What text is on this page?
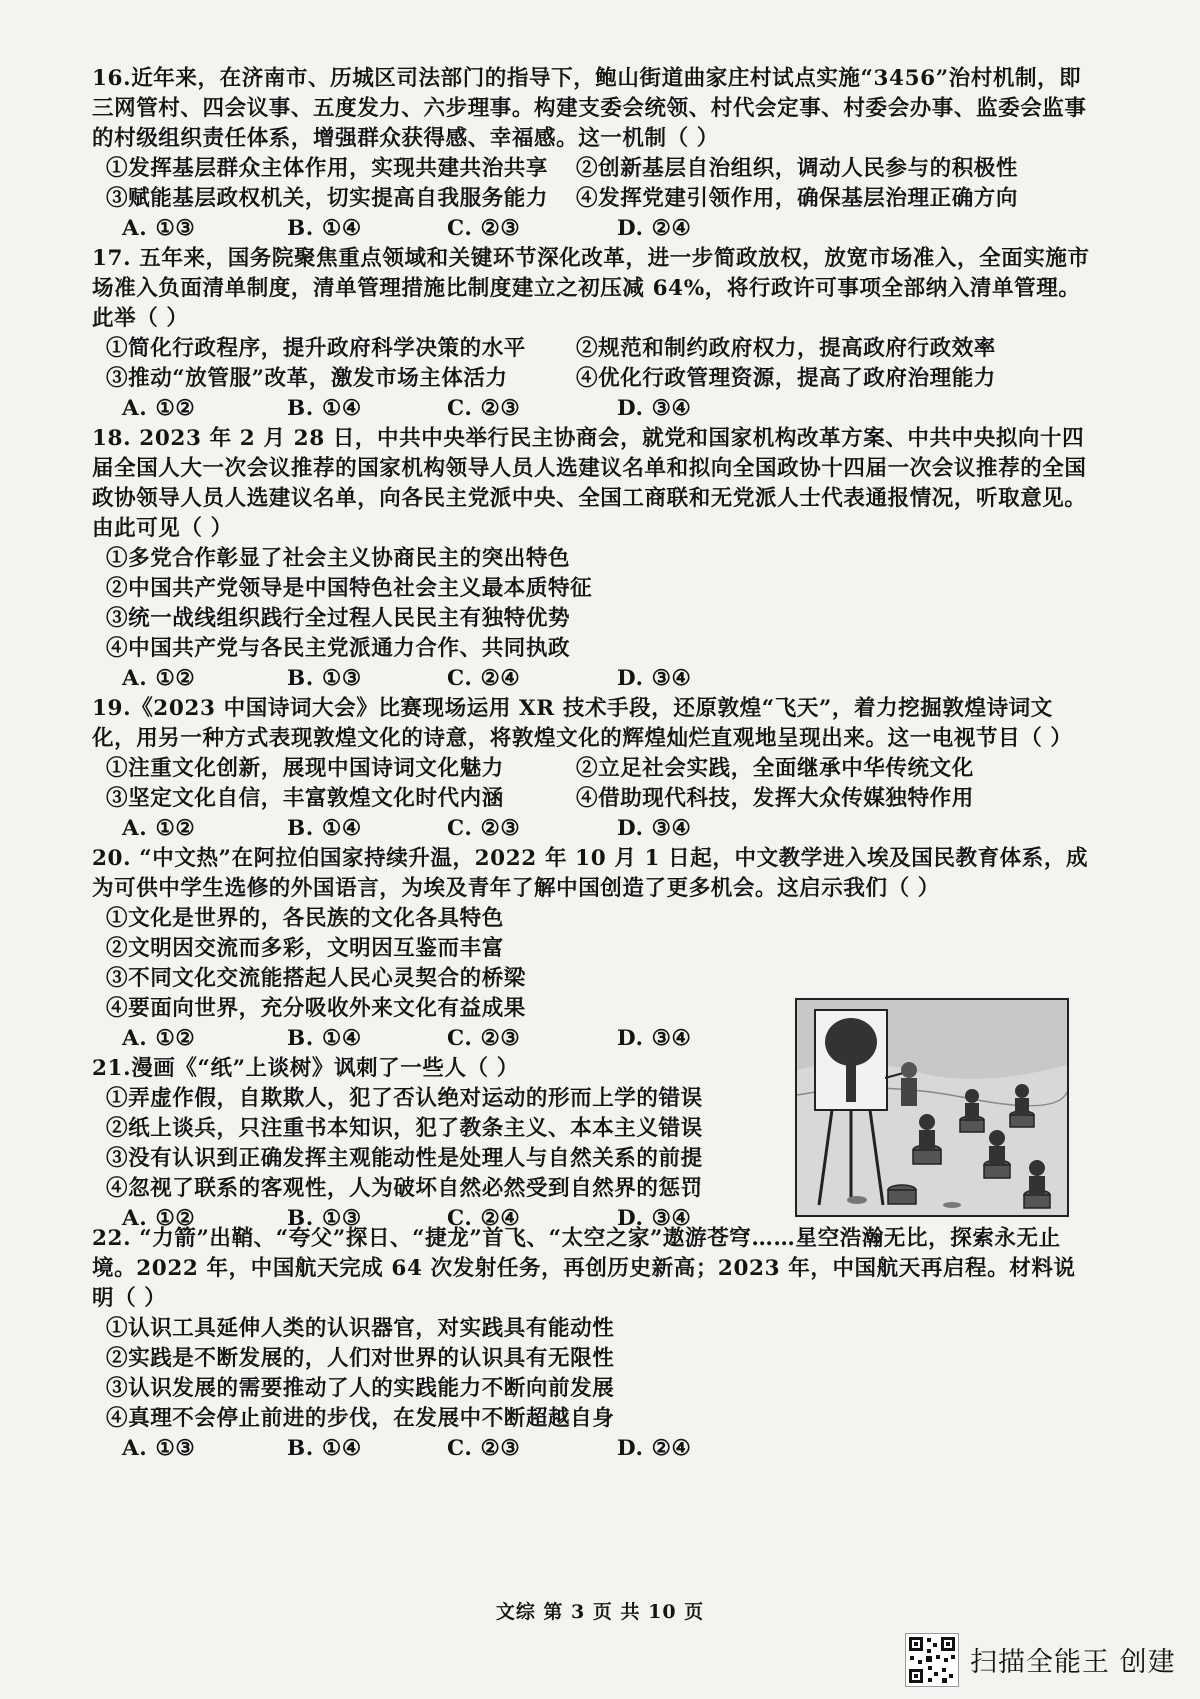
16.近年来，在济南市、历城区司法部门的指导下，鲍山街道曲家庄村试点实施“3456”治村机制，即三网管村、四会议事、五度发力、六步理事。构建支委会统领、村代会定事、村委会办事、监委会监事的村级组织责任体系，增强群众获得感、幸福感。这一机制（ ）
①发挥基层群众主体作用，实现共建共治共享	②创新基层自治组织，调动人民参与的积极性
③赋能基层政权机关，切实提高自我服务能力	④发挥党建引领作用，确保基层治理正确方向
A. ①③	B. ①④	C. ②③	D. ②④
17. 五年来，国务院聚焦重点领域和关键环节深化改革，进一步简政放权，放宽市场准入，全面实施市场准入负面清单制度，清单管理措施比制度建立之初压减 64%，将行政许可事项全部纳入清单管理。此举（ ）
①简化行政程序，提升政府科学决策的水平	②规范和制约政府权力，提高政府行政效率
③推动“放管服”改革，激发市场主体活力	④优化行政管理资源，提高了政府治理能力
A. ①②	B. ①④	C. ②③	D. ③④
18. 2023 年 2 月 28 日，中共中央举行民主协商会，就党和国家机构改革方案、中共中央拟向十四届全国人大一次会议推荐的国家机构领导人员人选建议名单和拟向全国政协十四届一次会议推荐的全国政协领导人员人选建议名单，向各民主党派中央、全国工商联和无党派人士代表通报情况，听取意见。由此可见（ ）
①多党合作彰显了社会主义协商民主的突出特色
②中国共产党领导是中国特色社会主义最本质特征
③统一战线组织践行全过程人民民主有独特优势
④中国共产党与各民主党派通力合作、共同执政
A. ①②	B. ①③	C. ②④	D. ③④
19.《2023 中国诗词大会》比赛现场运用 XR 技术手段，还原敦煌“飞天”，着力挖掘敦煌诗词文化，用另一种方式表现敦煌文化的诗意，将敦煌文化的辉煌灿烂直观地呈现出来。这一电视节目（ ）
①注重文化创新，展现中国诗词文化魅力	②立足社会实践，全面继承中华传统文化
③坚定文化自信，丰富敦煌文化时代内涵	④借助现代科技，发挥大众传媒独特作用
A. ①②	B. ①④	C. ②③	D. ③④
20. “中文热”在阿拉伯国家持续升温，2022 年 10 月 1 日起，中文教学进入埃及国民教育体系，成为可供中学生选修的外国语言，为埃及青年了解中国创造了更多机会。这启示我们（ ）
①文化是世界的，各民族的文化各具特色
②文明因交流而多彩，文明因互鉴而丰富
③不同文化交流能搭起人民心灵契合的桥梁
④要面向世界，充分吸收外来文化有益成果
A. ①②	B. ①④	C. ②③	D. ③④
21.漫画《“纸”上谈树》讽刺了一些人（ ）
①弄虚作假，自欺欺人，犯了否认绝对运动的形而上学的错误
②纸上谈兵，只注重书本知识，犯了教条主义、本本主义错误
③没有认识到正确发挥主观能动性是处理人与自然关系的前提
④忽视了联系的客观性，人为破坏自然必然受到自然界的惩罚
A. ①②	B. ①③	C. ②④	D. ③④
22. “力箭”出鞘、“夸父”探日、“捷龙”首飞、“太空之家”遨游苍穹……星空浩瀚无比，探索永无止境。2022 年，中国航天完成 64 次发射任务，再创历史新高；2023 年，中国航天再启程。材料说明（ ）
①认识工具延伸人类的认识器官，对实践具有能动性
②实践是不断发展的，人们对世界的认识具有无限性
③认识发展的需要推动了人的实践能力不断向前发展
④真理不会停止前进的步伐，在发展中不断超越自身
A. ①③	B. ①④	C. ②③	D. ②④
文综 第 3 页 共 10 页
扫描全能王 创建
